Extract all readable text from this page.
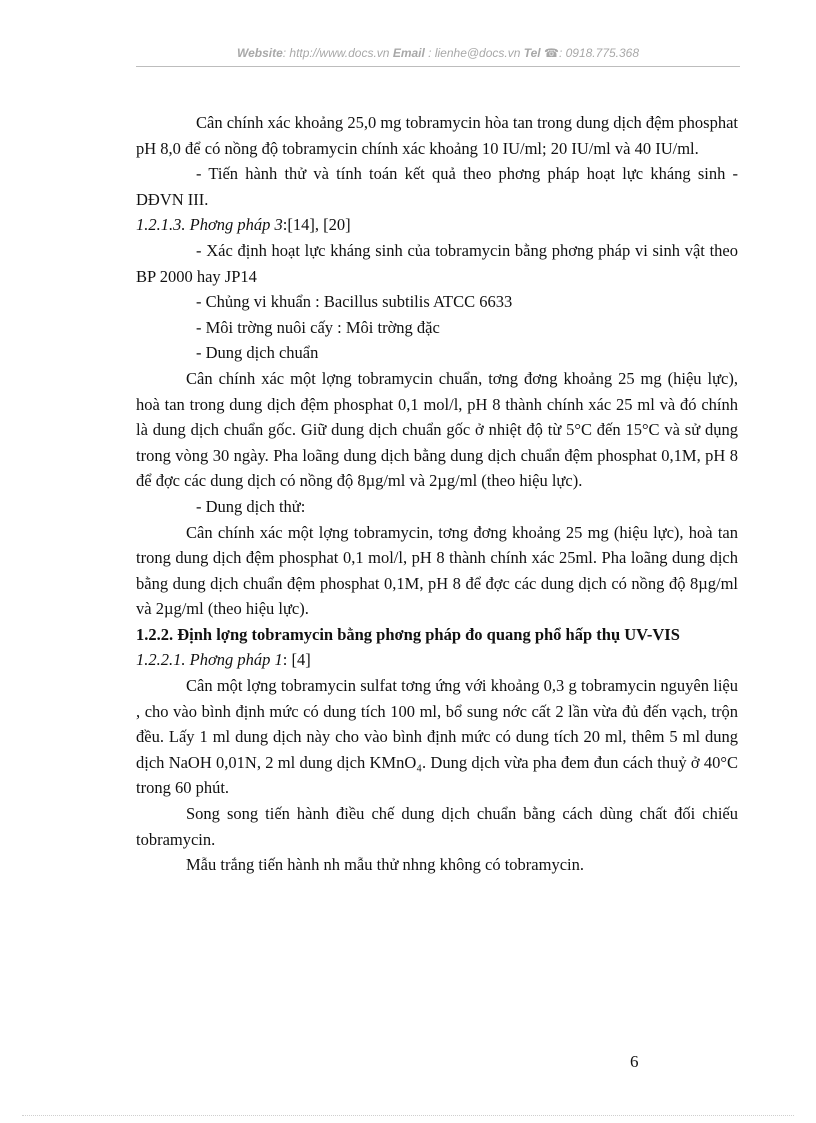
Website: http://www.docs.vn Email : lienhe@docs.vn Tel ☎: 0918.775.368

Cân chính xác khoảng 25,0 mg tobramycin hòa tan trong dung dịch đệm phosphat pH 8,0 để có nồng độ tobramycin chính xác khoảng 10 IU/ml; 20 IU/ml và 40 IU/ml.

- Tiến hành thử và tính toán kết quả theo phơng pháp hoạt lực kháng sinh - DĐVN III.

1.2.1.3. Phơng pháp 3:[14], [20]

- Xác định hoạt lực kháng sinh của tobramycin bằng phơng pháp vi sinh vật theo BP 2000 hay JP14

- Chủng vi khuẩn : Bacillus subtilis ATCC 6633

- Môi trờng nuôi cấy : Môi trờng đặc

- Dung dịch chuẩn

Cân chính xác một lợng tobramycin chuẩn, tơng đơng khoảng 25 mg (hiệu lực), hoà tan trong dung dịch đệm phosphat 0,1 mol/l, pH 8 thành chính xác 25 ml và đó chính là dung dịch chuẩn gốc. Giữ dung dịch chuẩn gốc ở nhiệt độ từ 5°C đến 15°C và sử dụng trong vòng 30 ngày. Pha loãng dung dịch bằng dung dịch chuẩn đệm phosphat 0,1M, pH 8 để đợc các dung dịch có nồng độ 8µg/ml và 2µg/ml (theo hiệu lực).

- Dung dịch thử:

Cân chính xác một lợng tobramycin, tơng đơng khoảng 25 mg (hiệu lực), hoà tan trong dung dịch đệm phosphat 0,1 mol/l, pH 8 thành chính xác 25ml. Pha loãng dung dịch bằng dung dịch chuẩn đệm phosphat 0,1M, pH 8 để đợc các dung dịch có nồng độ 8µg/ml và 2µg/ml (theo hiệu lực).

1.2.2. Định lợng tobramycin bằng phơng pháp đo quang phổ hấp thụ UV-VIS

1.2.2.1. Phơng pháp 1: [4]

Cân một lợng tobramycin sulfat tơng ứng với khoảng 0,3 g tobramycin nguyên liệu , cho vào bình định mức có dung tích 100 ml, bổ sung nớc cất 2 lần vừa đủ đến vạch, trộn đều. Lấy 1 ml dung dịch này cho vào bình định mức có dung tích 20 ml, thêm 5 ml dung dịch NaOH 0,01N, 2 ml dung dịch KMnO₄. Dung dịch vừa pha đem đun cách thuỷ ở 40°C trong 60 phút.

Song song tiến hành điều chế dung dịch chuẩn bằng cách dùng chất đối chiếu tobramycin.

Mẫu trắng tiến hành nh mẫu thử nhng không có tobramycin.

6
